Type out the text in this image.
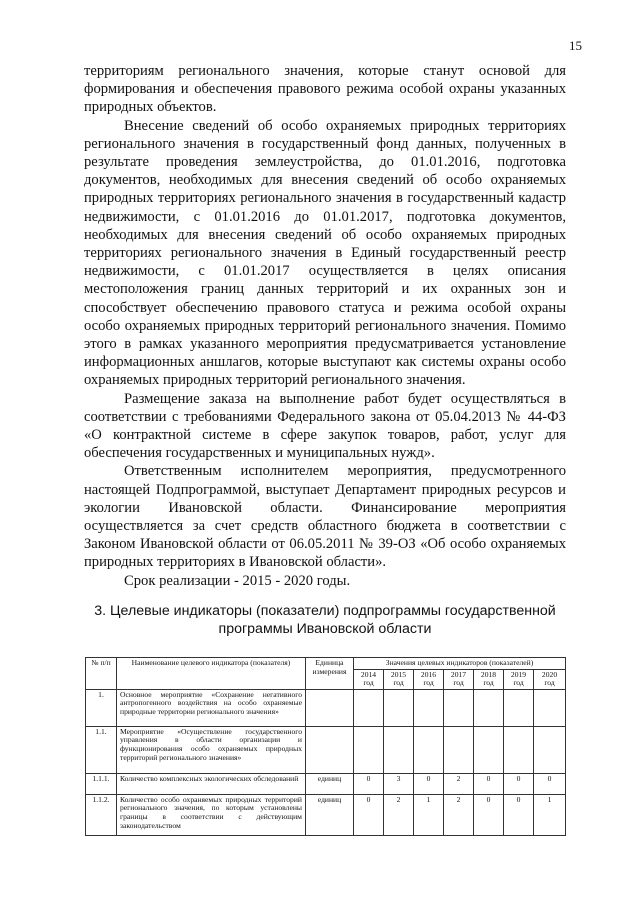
15

территориям регионального значения, которые станут основой для формирования и обеспечения правового режима особой охраны указанных природных объектов.

Внесение сведений об особо охраняемых природных территориях регионального значения в государственный фонд данных, полученных в результате проведения землеустройства, до 01.01.2016, подготовка документов, необходимых для внесения сведений об особо охраняемых природных территориях регионального значения в государственный кадастр недвижимости, с 01.01.2016 до 01.01.2017, подготовка документов, необходимых для внесения сведений об особо охраняемых природных территориях регионального значения в Единый государственный реестр недвижимости, с 01.01.2017 осуществляется в целях описания местоположения границ данных территорий и их охранных зон и способствует обеспечению правового статуса и режима особой охраны особо охраняемых природных территорий регионального значения. Помимо этого в рамках указанного мероприятия предусматривается установление информационных аншлагов, которые выступают как системы охраны особо охраняемых природных территорий регионального значения.

Размещение заказа на выполнение работ будет осуществляться в соответствии с требованиями Федерального закона от 05.04.2013 № 44-ФЗ «О контрактной системе в сфере закупок товаров, работ, услуг для обеспечения государственных и муниципальных нужд».

Ответственным исполнителем мероприятия, предусмотренного настоящей Подпрограммой, выступает Департамент природных ресурсов и экологии Ивановской области. Финансирование мероприятия осуществляется за счет средств областного бюджета в соответствии с Законом Ивановской области от 06.05.2011 № 39-ОЗ «Об особо охраняемых природных территориях в Ивановской области».

Срок реализации - 2015 - 2020 годы.

3. Целевые индикаторы (показатели) подпрограммы государственной программы Ивановской области
№ п/п	Наименование целевого индикатора (показателя)	Единица измерения	Значения целевых индикаторов (показателей)						
			2014 год	2015 год	2016 год	2017 год	2018 год	2019 год	2020 год
1.	Основное мероприятие «Сохранение негативного антропогенного воздействия на особо охраняемые природные территории регионального значения»								
1.1.	Мероприятие «Осуществление государственного управления в области организации и функционирования особо охраняемых природных территорий регионального значения»								
1.1.1.	Количество комплексных экологических обследований	единиц	0	3	0	2	0	0	0
1.1.2.	Количество особо охраняемых природных территорий регионального значения, по которым установлены границы в соответствии с действующим законодательством	единиц	0	2	1	2	0	0	1
